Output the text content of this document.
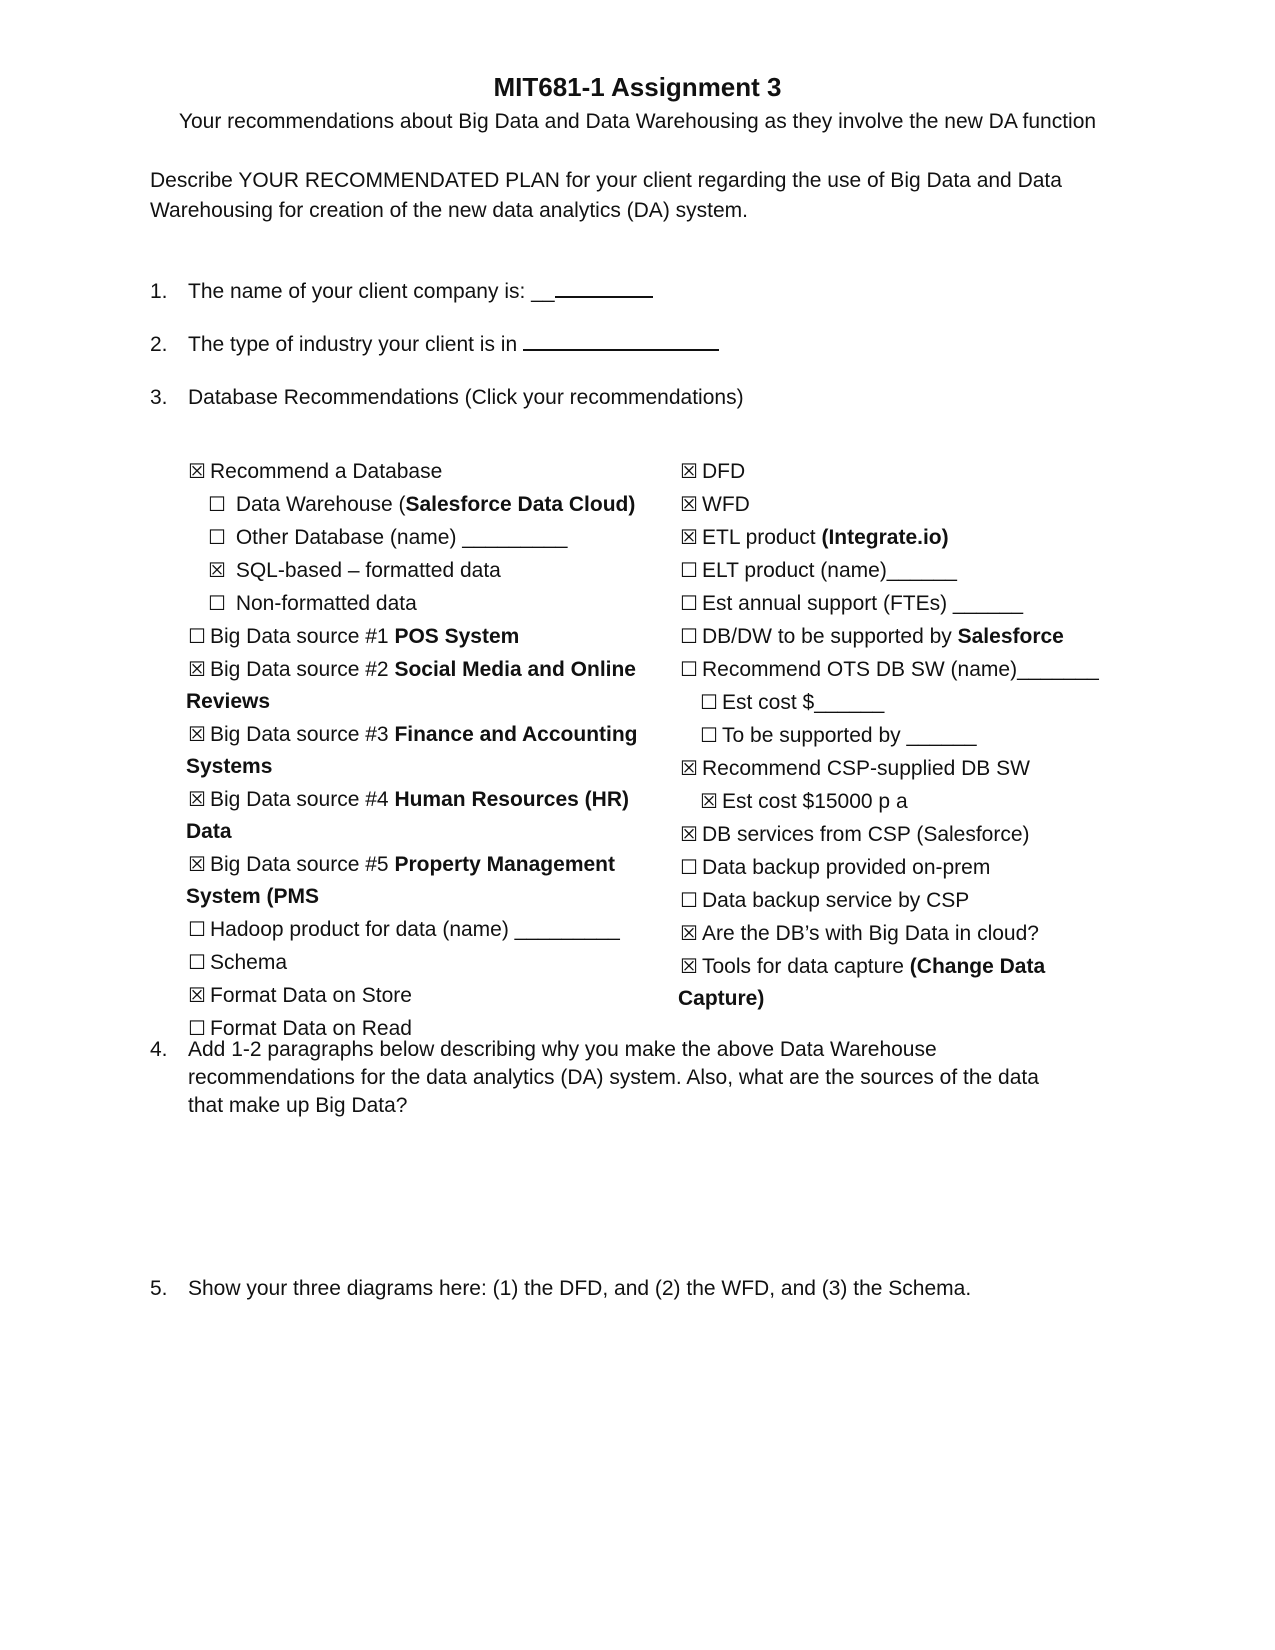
MIT681-1 Assignment 3
Your recommendations about Big Data and Data Warehousing as they involve the new DA function
Describe YOUR RECOMMENDATED PLAN for your client regarding the use of Big Data and Data Warehousing for creation of the new data analytics (DA) system.
1. The name of your client company is: __
2. The type of industry your client is in
3. Database Recommendations (Click your recommendations)
☒ Recommend a Database
☐ Data Warehouse (Salesforce Data Cloud)
☐ Other Database (name) _________
☒ SQL-based – formatted data
☐ Non-formatted data
☐ Big Data source #1 POS System
☒ Big Data source #2 Social Media and Online
Reviews
☒ Big Data source #3 Finance and Accounting
Systems
☒ Big Data source #4 Human Resources (HR)
Data
☒ Big Data source #5 Property Management
System (PMS
☐ Hadoop product for data (name) _________
☐ Schema
☒ Format Data on Store
☐ Format Data on Read
☒ DFD
☒ WFD
☒ ETL product (Integrate.io)
☐ ELT product (name)______
☐ Est annual support (FTEs) ______
☐ DB/DW to be supported by Salesforce
☐ Recommend OTS DB SW (name)_______
☐ Est cost $______
☐ To be supported by ______
☒ Recommend CSP-supplied DB SW
☒ Est cost $15000 p a
☒ DB services from CSP (Salesforce)
☐ Data backup provided on-prem
☐ Data backup service by CSP
☒ Are the DB’s with Big Data in cloud?
☒ Tools for data capture (Change Data
Capture)
4. Add 1-2 paragraphs below describing why you make the above Data Warehouse recommendations for the data analytics (DA) system. Also, what are the sources of the data that make up Big Data?
5. Show your three diagrams here: (1) the DFD, and (2) the WFD, and (3) the Schema.
